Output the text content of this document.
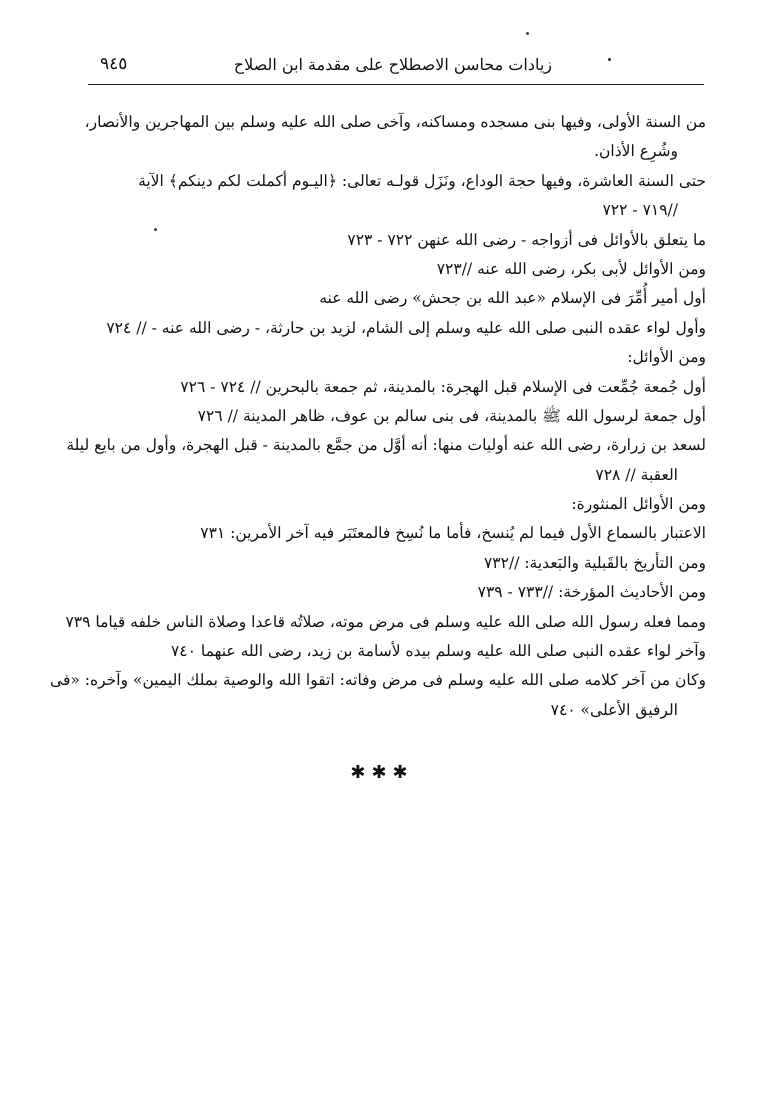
٩٤٥	زيادات محاسن الاصطلاح على مقدمة ابن الصلاح
من السنة الأولى، وفيها بنى مسجده ومساكنه، وآخى صلى الله عليه وسلم بين المهاجرين والأنصار،
وشُرِع الأذان.
حتى السنة العاشرة، وفيها حجة الوداع، ونَزَل قولـه تعالى: ﴿اليـوم أكملت لكم دينكم﴾ الآية
//٧١٩ - ٧٢٢
ما يتعلق بالأوائل فى أزواجه - رضى الله عنهن ٧٢٢ - ٧٢٣
ومن الأوائل لأبى بكر، رضى الله عنه //٧٢٣
أول أمير أُمِّرَ فى الإسلام «عبد الله بن جحش» رضى الله عنه
وأول لواء عقده النبى صلى الله عليه وسلم إلى الشام، لزيد بن حارثة، - رضى الله عنه - // ٧٢٤
ومن الأوائل:
أول جُمعة جُمِّعت فى الإسلام قبل الهجرة: بالمدينة، ثم جمعة بالبحرين // ٧٢٤ - ٧٢٦
أول جمعة لرسول الله ﷺ بالمدينة، فى بنى سالم بن عوف، ظاهر المدينة // ٧٢٦
لسعد بن زرارة، رضى الله عنه أوليات منها: أنه أوَّل من جمَّع بالمدينة - قبل الهجرة، وأول من بايع ليلة
العقبة // ٧٢٨
ومن الأوائل المنثورة:
الاعتبار بالسماع الأول فيما لم يُنسخ، فأما ما نُسِخ فالمعتَبَر فيه آخر الأمرين: ٧٣١
ومن التأريخ بالقَبلية والبَعدية: //٧٣٢
ومن الأحاديث المؤرخة: //٧٣٣ - ٧٣٩
ومما فعله رسول الله صلى الله عليه وسلم فى مرض موته، صلاتُه قاعدا وصلاة الناس خلفه قياما ٧٣٩
وآخر لواء عقده النبى صلى الله عليه وسلم بيده لأسامة بن زيد، رضى الله عنهما ٧٤٠
وكان من آخر كلامه صلى الله عليه وسلم فى مرض وفاته: اتقوا الله والوصية بملك اليمين» وآخره: «فى
الرفيق الأعلى» ٧٤٠
✱✱✱
